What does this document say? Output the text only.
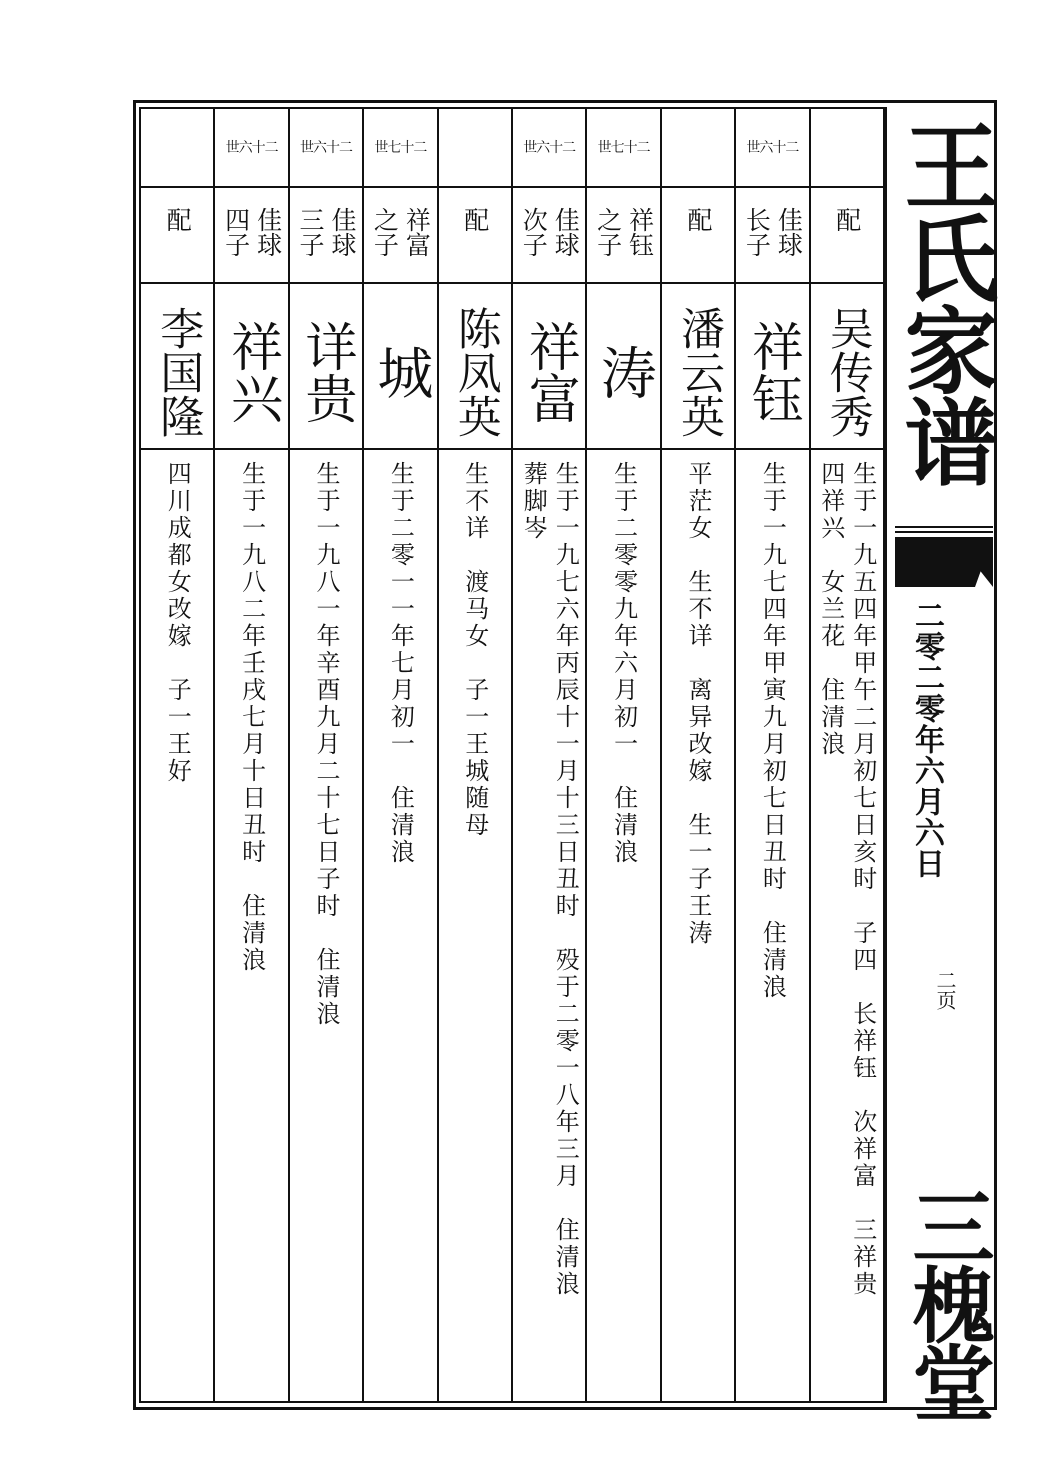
配
吴传秀
生于一九五四年甲午二月初七日亥时　子四　长祥钰　次祥富　三祥贵
四祥兴　女兰花　住清浪
世六十二
佳球
长子
祥钰
生于一九七四年甲寅九月初七日丑时　住清浪
配
潘云英
平茫女　生不详　离异改嫁　生一子王涛
世七十二
祥钰
之子
涛
生于二零零九年六月初一　住清浪
世六十二
佳球
次子
祥富
生于一九七六年丙辰十一月十三日丑时　殁于二零一八年三月　住清浪
葬脚岑
配
陈凤英
生不详　渡马女　子一王城随母
世七十二
祥富
之子
城
生于二零一一年七月初一　住清浪
世六十二
佳球
三子
详贵
生于一九八一年辛酉九月二十七日子时　住清浪
世六十二
佳球
四子
祥兴
生于一九八二年壬戌七月十日丑时　住清浪
配
李国隆
四川成都女改嫁　子一王好
王氏家谱
二零二零年六月六日
二页
三槐堂
